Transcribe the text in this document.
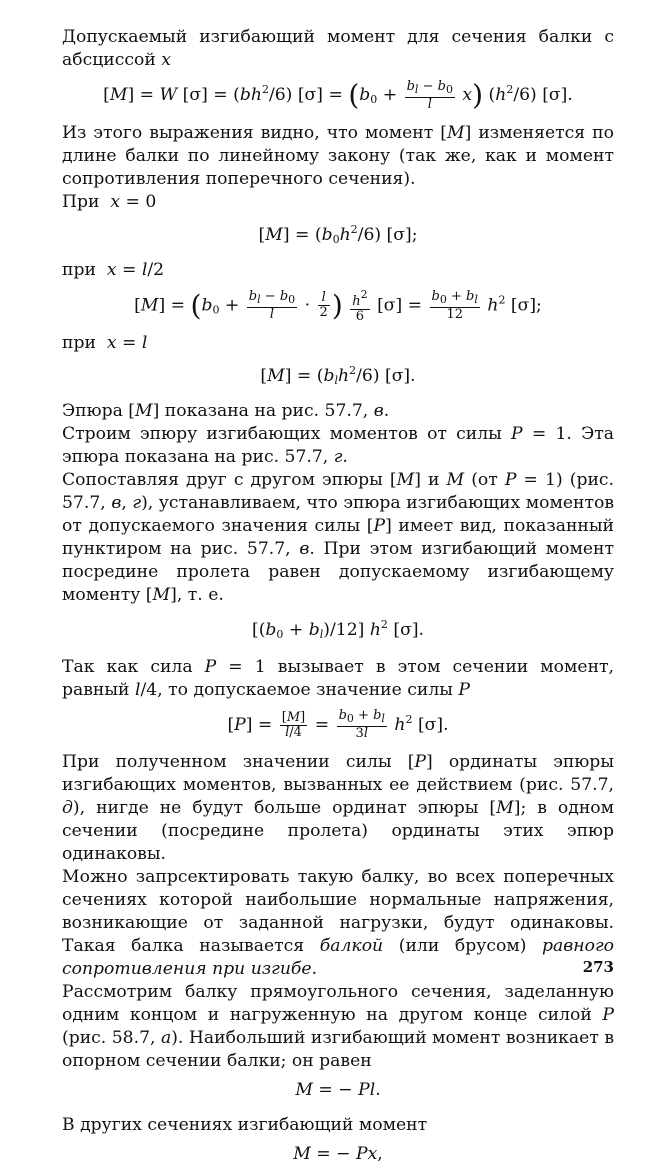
Допускаемый изгибающий момент для сечения балки с абсциссой x

[M] = W $[\sigma] = (bh^2/6) [\sigma] = (b_0 + \frac{b_l - b_0}{l} x)$ $(h^2/6)$ [σ].

Из этого выражения видно, что момент [M] изменяется по длине балки по линейному закону (так же, как и момент сопротивления поперечного сечения).

При  x = 0

$[M] = (b_0h^2/6)$ [σ];

при  x = l/2

$[M] = (b_0 + \frac{b_l - b_0}{l} \cdot \frac{l}{2}$ ) $\frac{h^2}{6} [\sigma] = \frac{b_0 + b_l}{12} h^2$ [σ];

при  x = l

$[M] = (b_lh^2/6)$ [σ].

Эпюра [M] показана на рис. 57.7, в.

Строим эпюру изгибающих моментов от силы P = 1. Эта эпюра показана на рис. 57.7, г.

Сопоставляя друг с другом эпюры [M] и M (от P = 1) (рис. 57.7, в, г), устанавливаем, что эпюра изгибающих моментов от допускаемого значения силы [P] имеет вид, показанный пунктиром на рис. 57.7, в. При этом изгибающий момент посредине пролета равен допускаемому изгибающему моменту [M], т. е.

$[(b_0 + b_l)/12]$ $h^2$ [σ].

Так как сила P = 1 вызывает в этом сечении момент, равный l/4, то допускаемое значение силы P

$[P] = \frac{[M]}{l/4} = \frac{b_0 + b_l}{3l} h^2$ [σ].

При полученном значении силы [P] ординаты эпюры изгибающих моментов, вызванных ее действием (рис. 57.7, д), нигде не будут больше ординат эпюры [M]; в одном сечении (посредине пролета) ординаты этих эпюр одинаковы.

Можно запрсектировать такую балку, во всех поперечных сечениях которой наибольшие нормальные напряжения, возникающие от заданной нагрузки, будут одинаковы. Такая балка называется балкой (или брусом) равного сопротивления при изгибе.

Рассмотрим балку прямоугольного сечения, заделанную одним концом и нагруженную на другом конце силой P (рис. 58.7, а). Наибольший изгибающий момент возникает в опорном сечении балки; он равен

M = − Pl.

В других сечениях изгибающий момент

M = − Px,
273
